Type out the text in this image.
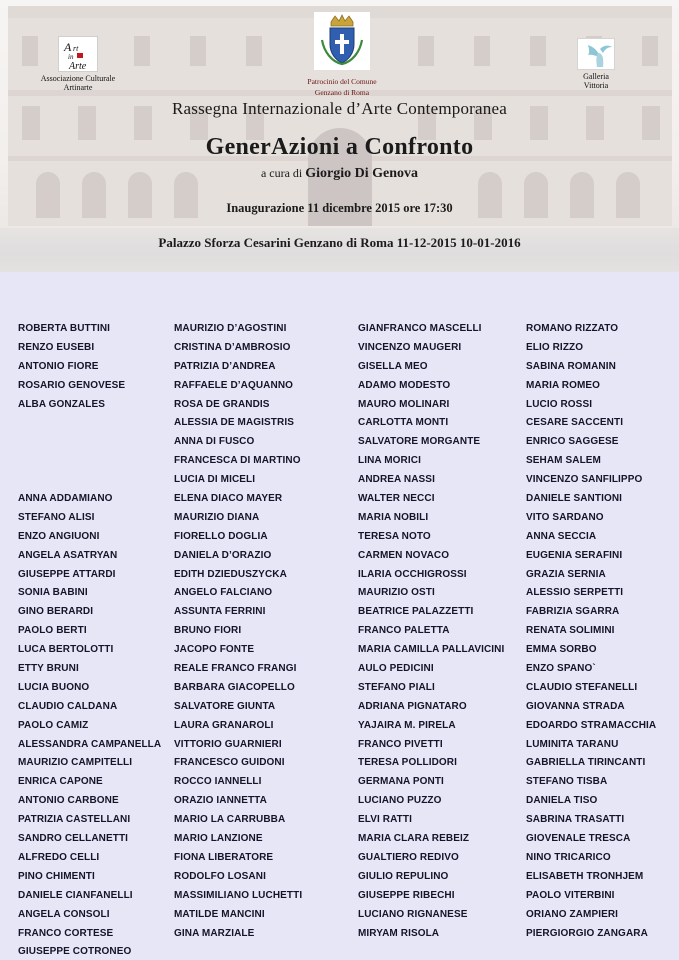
A rt
in
Arte
Associazione Culturale
Artinarte
Patrocinio del Comune
Genzano di Roma
Galleria
Vittoria
Rassegna Internazionale d’Arte Contemporanea
GenerAzioni a Confronto
a cura di Giorgio Di Genova
Inaugurazione 11 dicembre 2015 ore 17:30
Palazzo Sforza Cesarini Genzano di Roma 11-12-2015 10-01-2016
ROBERTA BUTTINI
RENZO EUSEBI
ANTONIO FIORE
ROSARIO GENOVESE
ALBA GONZALES
ANNA ADDAMIANO
STEFANO ALISI
ENZO ANGIUONI
ANGELA ASATRYAN
GIUSEPPE ATTARDI
SONIA BABINI
GINO BERARDI
PAOLO BERTI
LUCA BERTOLOTTI
ETTY BRUNI
LUCIA BUONO
CLAUDIO CALDANA
PAOLO CAMIZ
ALESSANDRA CAMPANELLA
MAURIZIO CAMPITELLI
ENRICA CAPONE
ANTONIO CARBONE
PATRIZIA CASTELLANI
SANDRO CELLANETTI
ALFREDO CELLI
PINO CHIMENTI
DANIELE CIANFANELLI
ANGELA CONSOLI
FRANCO CORTESE
GIUSEPPE COTRONEO
MAURIZIO D’AGOSTINI
CRISTINA D’AMBROSIO
PATRIZIA D’ANDREA
RAFFAELE D’AQUANNO
ROSA DE GRANDIS
ALESSIA DE MAGISTRIS
ANNA DI FUSCO
FRANCESCA DI MARTINO
LUCIA DI MICELI
ELENA DIACO MAYER
MAURIZIO DIANA
FIORELLO DOGLIA
DANIELA D’ORAZIO
EDITH DZIEDUSZYCKA
ANGELO FALCIANO
ASSUNTA FERRINI
BRUNO FIORI
JACOPO FONTE
REALE FRANCO FRANGI
BARBARA GIACOPELLO
SALVATORE GIUNTA
LAURA GRANAROLI
VITTORIO GUARNIERI
FRANCESCO GUIDONI
ROCCO IANNELLI
ORAZIO IANNETTA
MARIO LA CARRUBBA
MARIO LANZIONE
FIONA LIBERATORE
RODOLFO LOSANI
MASSIMILIANO LUCHETTI
MATILDE MANCINI
GINA MARZIALE
GIANFRANCO MASCELLI
VINCENZO MAUGERI
GISELLA MEO
ADAMO MODESTO
MAURO MOLINARI
CARLOTTA MONTI
SALVATORE MORGANTE
LINA MORICI
ANDREA NASSI
WALTER NECCI
MARIA NOBILI
TERESA NOTO
CARMEN NOVACO
ILARIA OCCHIGROSSI
MAURIZIO OSTI
BEATRICE PALAZZETTI
FRANCO PALETTA
MARIA CAMILLA PALLAVICINI
AULO PEDICINI
STEFANO PIALI
ADRIANA PIGNATARO
YAJAIRA M. PIRELA
FRANCO PIVETTI
TERESA POLLIDORI
GERMANA PONTI
LUCIANO PUZZO
ELVI RATTI
MARIA CLARA REBEIZ
GUALTIERO REDIVO
GIULIO REPULINO
GIUSEPPE RIBECHI
LUCIANO RIGNANESE
MIRYAM RISOLA
ROMANO RIZZATO
ELIO RIZZO
SABINA ROMANIN
MARIA ROMEO
LUCIO ROSSI
CESARE SACCENTI
ENRICO SAGGESE
SEHAM SALEM
VINCENZO SANFILIPPO
DANIELE SANTIONI
VITO SARDANO
ANNA SECCIA
EUGENIA SERAFINI
GRAZIA SERNIA
ALESSIO SERPETTI
FABRIZIA SGARRA
RENATA SOLIMINI
EMMA SORBO
ENZO SPANO`
CLAUDIO STEFANELLI
GIOVANNA STRADA
EDOARDO STRAMACCHIA
LUMINITA TARANU
GABRIELLA TIRINCANTI
STEFANO TISBA
DANIELA TISO
SABRINA TRASATTI
GIOVENALE TRESCA
NINO TRICARICO
ELISABETH TRONHJEM
PAOLO VITERBINI
ORIANO ZAMPIERI
PIERGIORGIO ZANGARA
